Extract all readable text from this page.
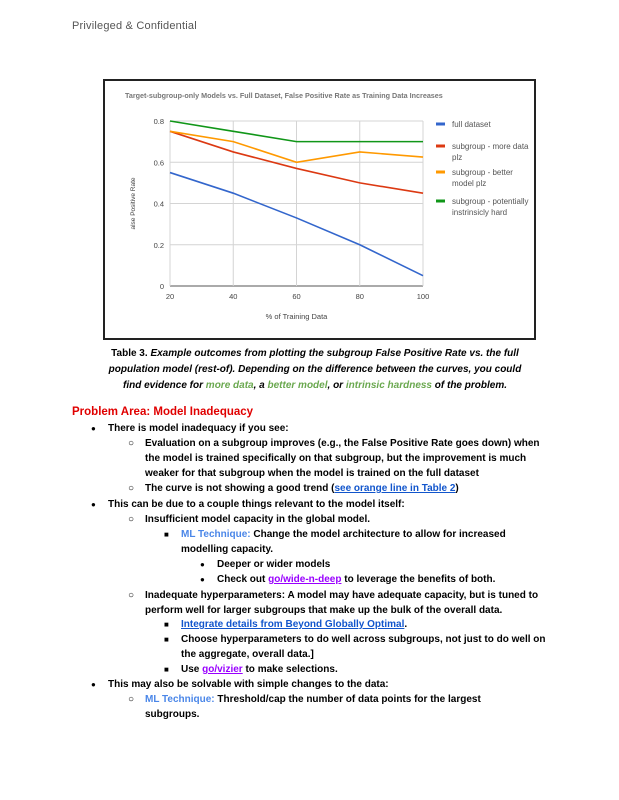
Privileged & Confidential
Target-subgroup-only Models vs. Full Dataset, False Positive Rate as Training Data Increases
0
0.2
0.4
0.6
0.8
20	40	60	80	100
% of Training Data
alse Positive Rate
full dataset
subgroup - more data
plz
subgroup - better
model plz
subgroup - potentially
instrinsicly hard
Table 3. Example outcomes from plotting the subgroup False Positive Rate vs. the full
population model (rest-of). Depending on the difference between the curves, you could
find evidence for more data, a better model, or intrinsic hardness of the problem.
Problem Area: Model Inadequacy
● There is model inadequacy if you see:
○ Evaluation on a subgroup improves (e.g., the False Positive Rate goes down) when the model is trained specifically on that subgroup, but the improvement is much weaker for that subgroup when the model is trained on the full dataset
○ The curve is not showing a good trend (see orange line in Table 2)
● This can be due to a couple things relevant to the model itself:
○ Insufficient model capacity in the global model.
■ ML Technique: Change the model architecture to allow for increased modelling capacity.
● Deeper or wider models
● Check out go/wide-n-deep to leverage the benefits of both.
○ Inadequate hyperparameters: A model may have adequate capacity, but is tuned to perform well for larger subgroups that make up the bulk of the overall data.
■ Integrate details from Beyond Globally Optimal.
■ Choose hyperparameters to do well across subgroups, not just to do well on the aggregate, overall data.]
■ Use go/vizier to make selections.
● This may also be solvable with simple changes to the data:
○ ML Technique: Threshold/cap the number of data points for the largest subgroups.
